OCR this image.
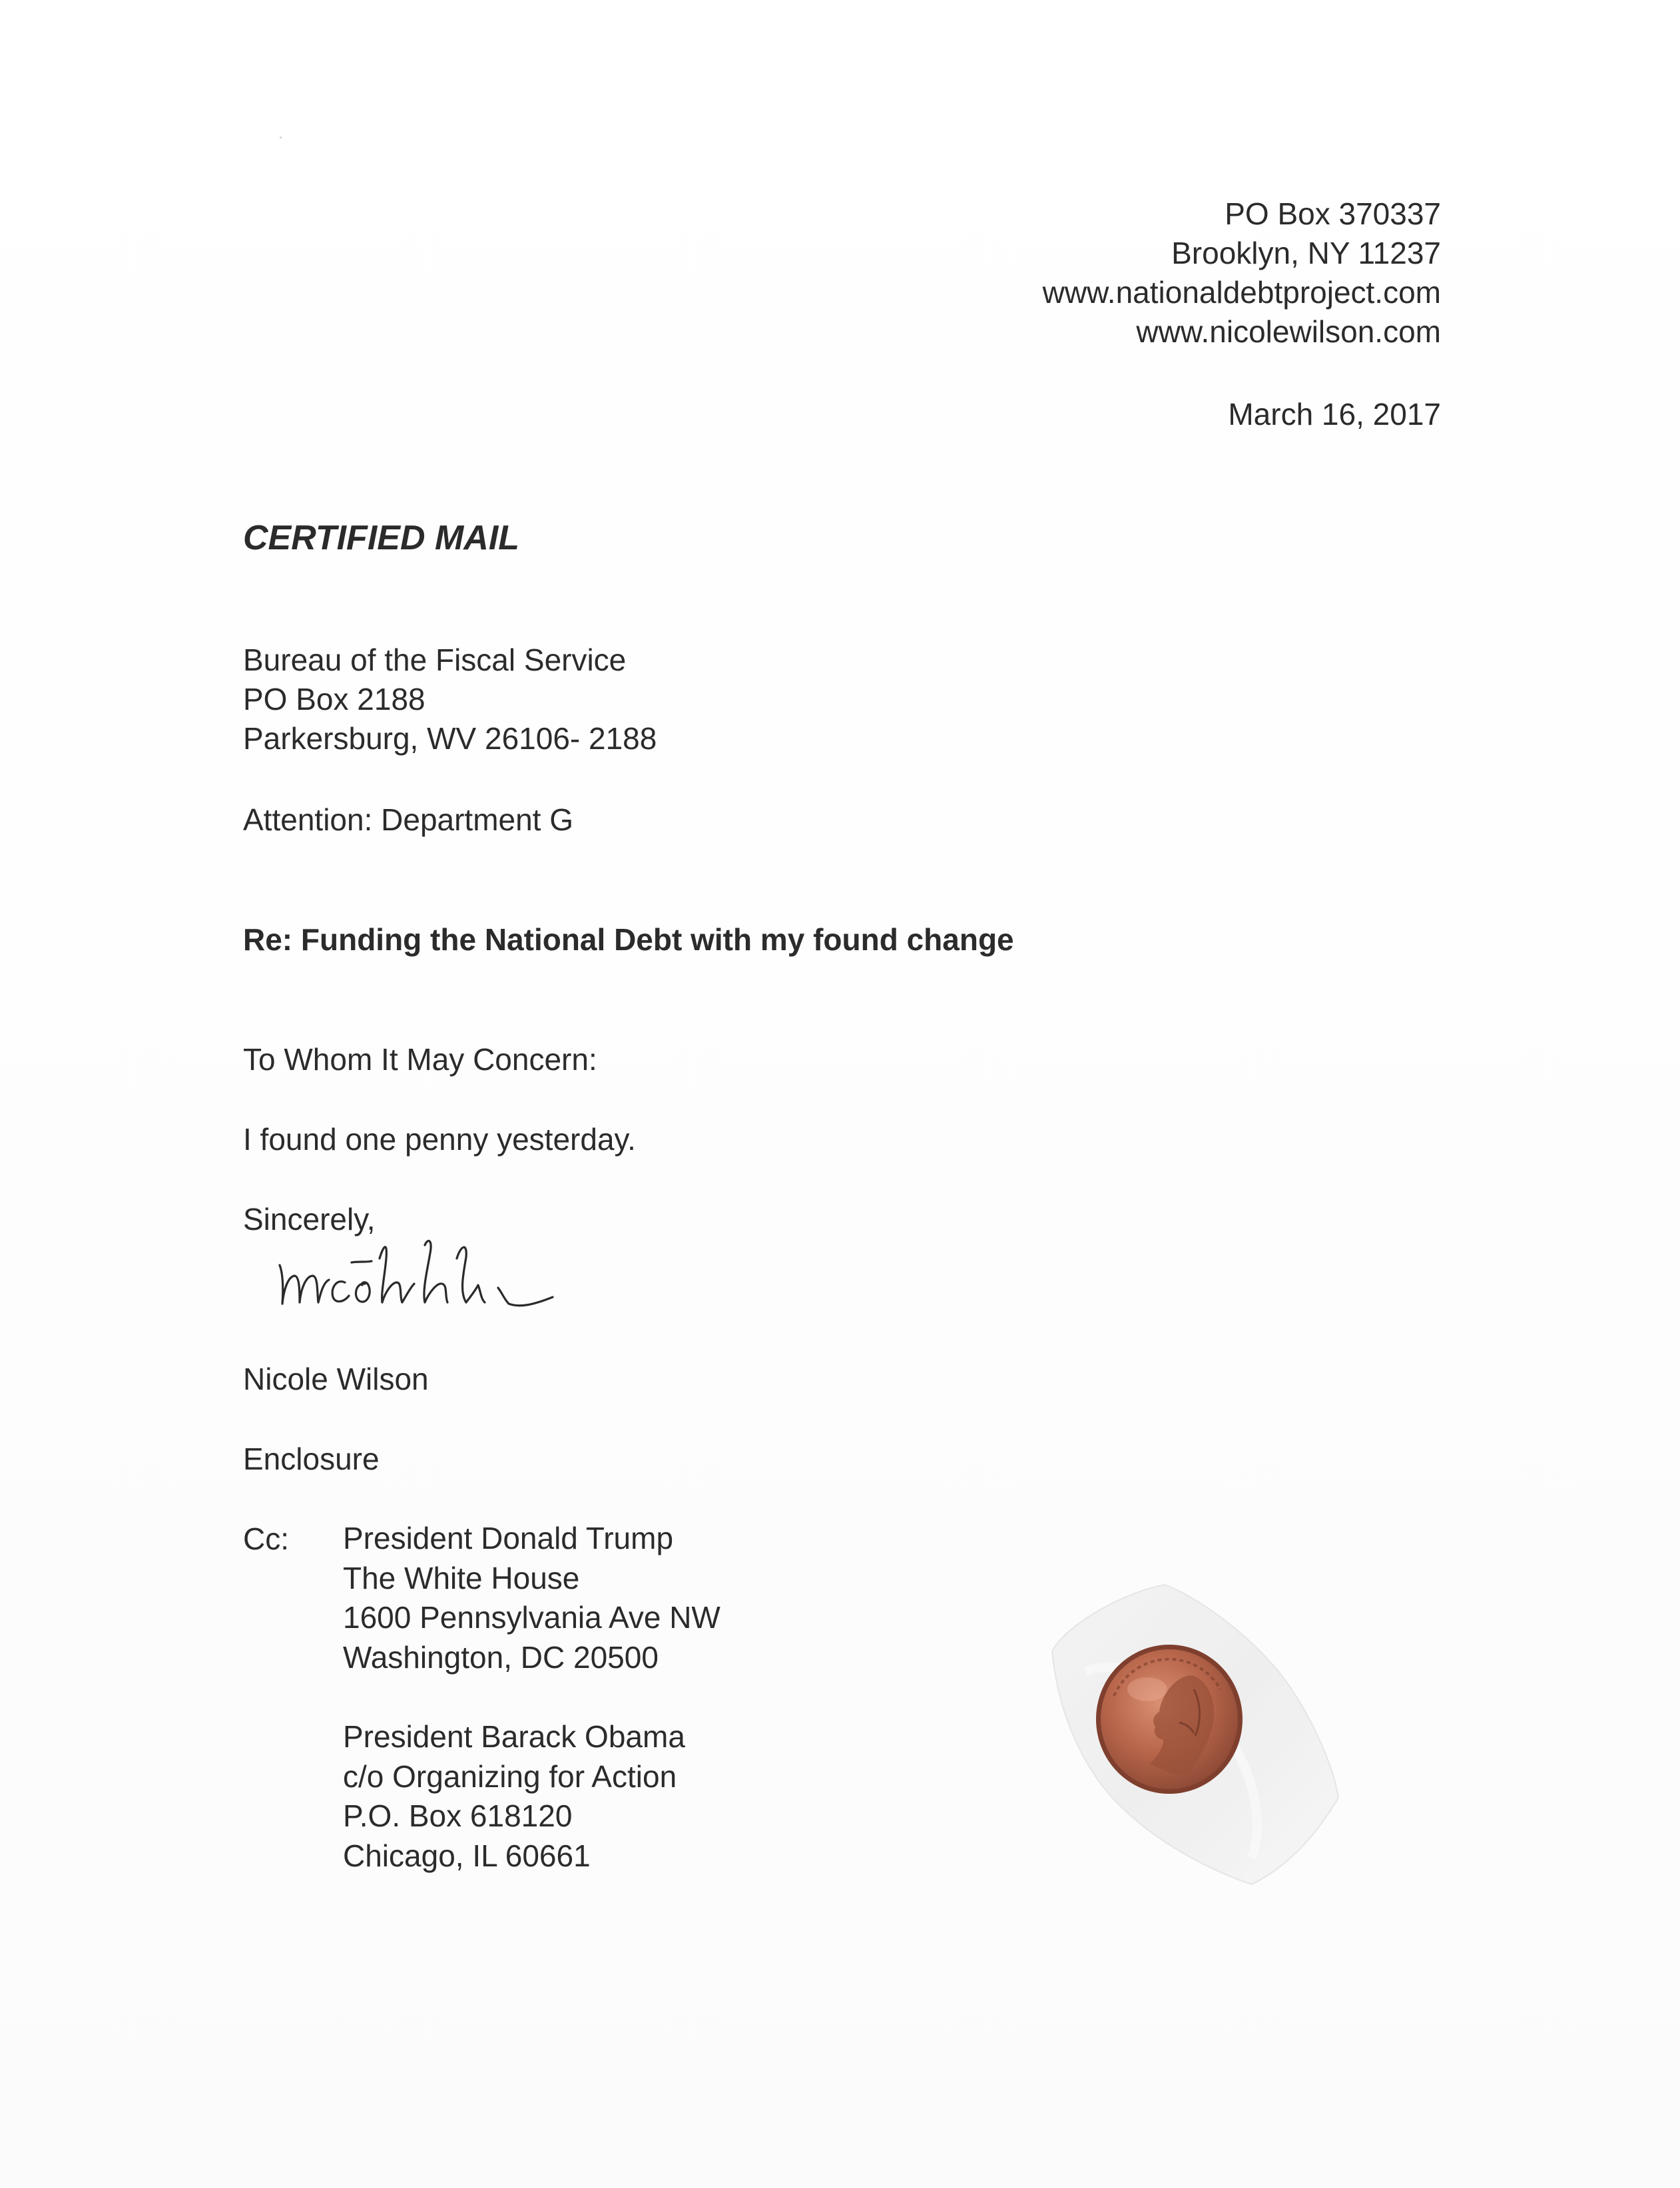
PO Box 370337
Brooklyn, NY 11237
www.nationaldebtproject.com
www.nicolewilson.com
March 16, 2017
CERTIFIED MAIL
Bureau of the Fiscal Service
PO Box 2188
Parkersburg, WV 26106- 2188
Attention: Department G
Re: Funding the National Debt with my found change
To Whom It May Concern:
I found one penny yesterday.
Sincerely,
Nicole Wilson
Enclosure
Cc: President Donald Trump
The White House
1600 Pennsylvania Ave NW
Washington, DC 20500
President Barack Obama
c/o Organizing for Action
P.O. Box 618120
Chicago, IL 60661
